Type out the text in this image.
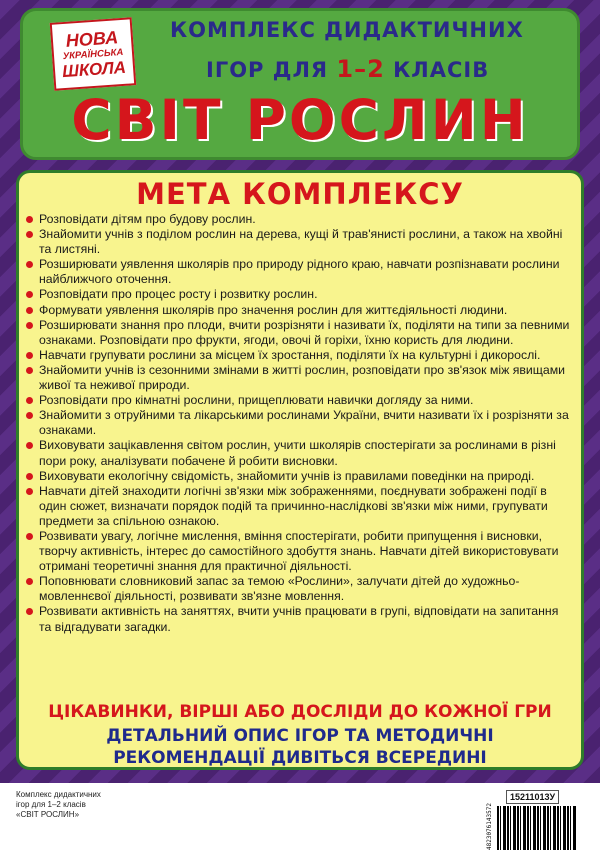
НОВА
УКРАЇНСЬКА
ШКОЛА
КОМПЛЕКС ДИДАКТИЧНИХ
ІГОР ДЛЯ 1–2 КЛАСІВ
СВІТ РОСЛИН
МЕТА КОМПЛЕКСУ
Розповідати дітям про будову рослин.
Знайомити учнів з поділом рослин на дерева, кущі й трав'янисті рослини, а також на хвойні та листяні.
Розширювати уявлення школярів про природу рідного краю, навчати розпізнавати рослини найближчого оточення.
Розповідати про процес росту і розвитку рослин.
Формувати уявлення школярів про значення рослин для життєдіяльності людини.
Розширювати знання про плоди, вчити розрізняти і називати їх, поділяти на типи за певними ознаками. Розповідати про фрукти, ягоди, овочі й горіхи, їхню користь для людини.
Навчати групувати рослини за місцем їх зростання, поділяти їх на культурні і дикорослі.
Знайомити учнів із сезонними змінами в житті рослин, розповідати про зв'язок між явищами живої та неживої природи.
Розповідати про кімнатні рослини, прищеплювати навички догляду за ними.
Знайомити з отруйними та лікарськими рослинами України, вчити називати їх і розрізняти за ознаками.
Виховувати зацікавлення світом рослин, учити школярів спостерігати за рослинами в різні пори року, аналізувати побачене й робити висновки.
Виховувати екологічну свідомість, знайомити учнів із правилами поведінки на природі.
Навчати дітей знаходити логічні зв'язки між зображеннями, поєднувати зображені події в один сюжет, визначати порядок подій та причинно-наслідкові зв'язки між ними, групувати предмети за спільною ознакою.
Розвивати увагу, логічне мислення, вміння спостерігати, робити припущення і висновки, творчу активність, інтерес до самостійного здобуття знань. Навчати дітей використовувати отримані теоретичні знання для практичної діяльності.
Поповнювати словниковий запас за темою «Рослини», залучати дітей до художньо-мовленнєвої діяльності, розвивати зв'язне мовлення.
Розвивати активність на заняттях, вчити учнів працювати в групі, відповідати на запитання та відгадувати загадки.
ЦІКАВИНКИ, ВІРШІ АБО ДОСЛІДИ ДО КОЖНОЇ ГРИ
ДЕТАЛЬНИЙ ОПИС ІГОР ТА МЕТОДИЧНІ
РЕКОМЕНДАЦІЇ ДИВІТЬСЯ ВСЕРЕДИНІ
Комплекс дидактичних
ігор для 1–2 класів
«СВІТ РОСЛИН»
15211013У
4823076143572
